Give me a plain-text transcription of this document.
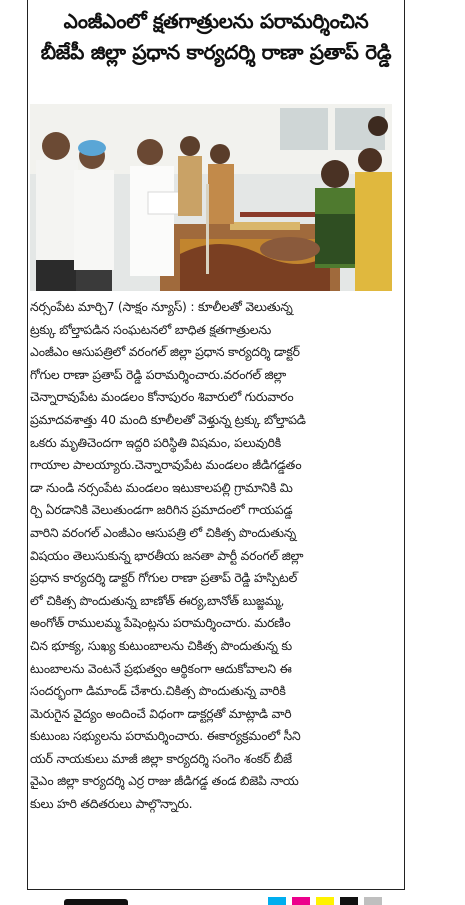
ఎంజీఎంలో క్షతగాత్రులను పరామర్శించిన
బీజేపీ జిల్లా ప్రధాన కార్యదర్శి రాణా ప్రతాప్ రెడ్డి
నర్సంపేట మార్చి7 (సాక్షం న్యూస్) : కూలీలతో వెలుతున్న
ట్రక్కు బోల్తాపడిన సంఘటనలో బాధిత క్షతగాత్రులను
ఎంజీఎం ఆసుపత్రిలో వరంగల్ జిల్లా ప్రధాన కార్యదర్శి డాక్టర్
గోగుల రాణా ప్రతాప్ రెడ్డి పరామర్శించారు.వరంగల్ జిల్లా
చెన్నారావుపేట మండలం కోనాపురం శివారులో గురువారం
ప్రమాదవశాత్తు 40 మంది కూలీలతో వెళ్తున్న ట్రక్కు బోల్తాపడి
ఒకరు మృతిచెందగా ఇద్దరి పరిస్థితి విషమం, పలువురికి
గాయాల పాలయ్యారు.చెన్నారావుపేట మండలం జీడిగడ్డతం
డా నుండి నర్సంపేట మండలం ఇటుకాలపల్లి గ్రామానికి మి
ర్చి ఏరడానికి వెలుతుండగా జరిగిన ప్రమాదంలో గాయపడ్డ
వారిని వరంగల్ ఎంజీఎం ఆసుపత్రి లో చికిత్స పొందుతున్న
విషయం తెలుసుకున్న భారతీయ జనతా పార్టీ వరంగల్ జిల్లా
ప్రధాన కార్యదర్శి డాక్టర్ గోగుల రాణా ప్రతాప్ రెడ్డి హస్పిటల్
లో చికిత్స పొందుతున్న బాణోత్ ఈర్య,బానోత్ బుజ్జమ్మ,
అంగోత్ రాములమ్మ పేషెంట్లను పరామర్శించారు. మరణిం
చిన భూక్య, సుఖ్య కుటుంబాలను చికిత్స పొందుతున్న కు
టుంబాలను వెంటనే ప్రభుత్వం ఆర్థికంగా ఆదుకోవాలని ఈ
సందర్భంగా డిమాండ్ చేశారు.చికిత్స పొందుతున్న వారికి
మెరుగైన వైద్యం అందించే విధంగా డాక్టర్లతో మాట్లాడి వారి
కుటుంబ సభ్యులను పరామర్శించారు. ఈకార్యక్రమంలో సీని
యర్ నాయకులు మాజీ జిల్లా కార్యదర్శి సంగెం శంకర్ బీజే
వైఎం జిల్లా కార్యదర్శి ఎర్ర రాజు జీడిగడ్డ తండ బిజెపి నాయ
కులు హరి తదితరులు పాల్గొన్నారు.
